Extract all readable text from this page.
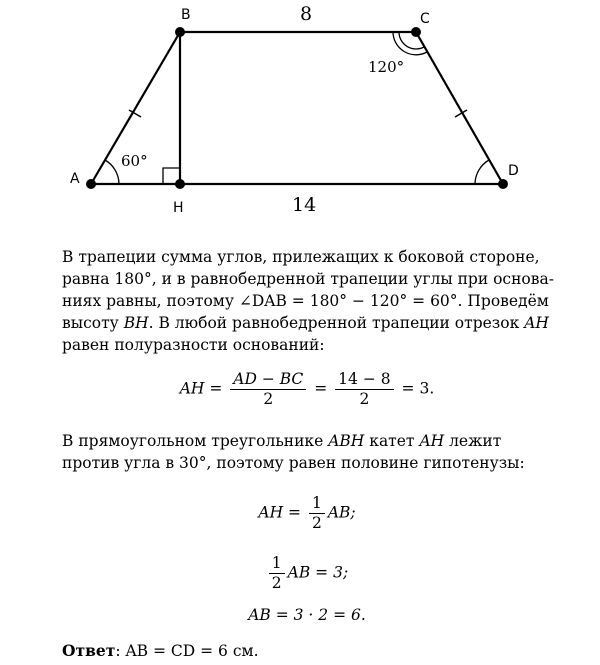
A
B	C
D
H
8
14
120°
60°
В трапеции сумма углов, прилежащих к боковой стороне,
равна 180°, и в равнобедренной трапеции углы при основа-
ниях равны, поэтому ∠DAB = 180° − 120° = 60°. Проведём
высоту BH. В любой равнобедренной трапеции отрезок AH
равен полуразности оснований:
AH = $\frac{AD - BC}{2} = \frac{14 - 8}{2} = 3$.
В прямоугольном треугольнике ABH катет AH лежит
против угла в 30°, поэтому равен половине гипотенузы:
AH = $\frac{1}{2}$ AB;
$\frac{1}{2}$ AB = 3;
AB = 3 · 2 = 6.
Ответ: AB = CD = 6 см.
